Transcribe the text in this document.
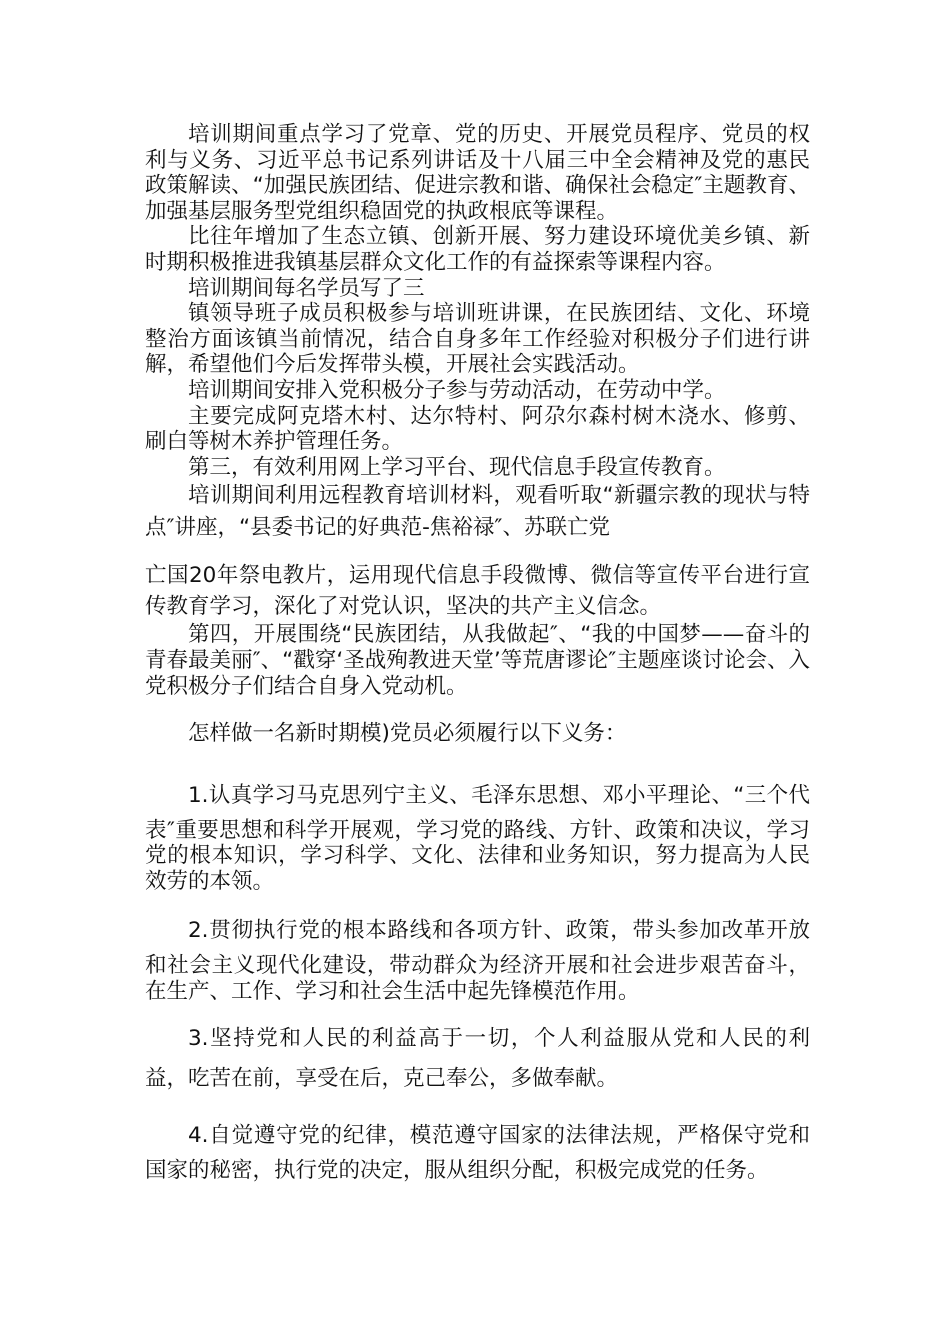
培训期间重点学习了党章、党的历史、开展党员程序、党员的权利与义务、习近平总书记系列讲话及十八届三中全会精神及党的惠民政策解读、“加强民族团结、促进宗教和谐、确保社会稳定″主题教育、加强基层服务型党组织稳固党的执政根底等课程。

比往年增加了生态立镇、创新开展、努力建设环境优美乡镇、新时期积极推进我镇基层群众文化工作的有益探索等课程内容。

培训期间每名学员写了三

镇领导班子成员积极参与培训班讲课，在民族团结、文化、环境整治方面该镇当前情况，结合自身多年工作经验对积极分子们进行讲解，希望他们今后发挥带头模，开展社会实践活动。

培训期间安排入党积极分子参与劳动活动，在劳动中学。

主要完成阿克塔木村、达尔特村、阿尕尔森村树木浇水、修剪、刷白等树木养护管理任务。

第三，有效利用网上学习平台、现代信息手段宣传教育。

培训期间利用远程教育培训材料，观看听取“新疆宗教的现状与特点″讲座，“县委书记的好典范-焦裕禄″、苏联亡党

亡国20年祭电教片，运用现代信息手段微博、微信等宣传平台进行宣传教育学习，深化了对党认识，坚决的共产主义信念。

第四，开展围绕“民族团结，从我做起″、“我的中国梦——奋斗的青春最美丽″、“戳穿‘圣战殉教进天堂’等荒唐谬论″主题座谈讨论会、入党积极分子们结合自身入党动机。

怎样做一名新时期模)党员必须履行以下义务：

1.认真学习马克思列宁主义、毛泽东思想、邓小平理论、“三个代表″重要思想和科学开展观，学习党的路线、方针、政策和决议，学习党的根本知识，学习科学、文化、法律和业务知识，努力提高为人民效劳的本领。

2.贯彻执行党的根本路线和各项方针、政策，带头参加改革开放和社会主义现代化建设，带动群众为经济开展和社会进步艰苦奋斗，在生产、工作、学习和社会生活中起先锋模范作用。

3.坚持党和人民的利益高于一切，个人利益服从党和人民的利益，吃苦在前，享受在后，克己奉公，多做奉献。

4.自觉遵守党的纪律，模范遵守国家的法律法规，严格保守党和国家的秘密，执行党的决定，服从组织分配，积极完成党的任务。
